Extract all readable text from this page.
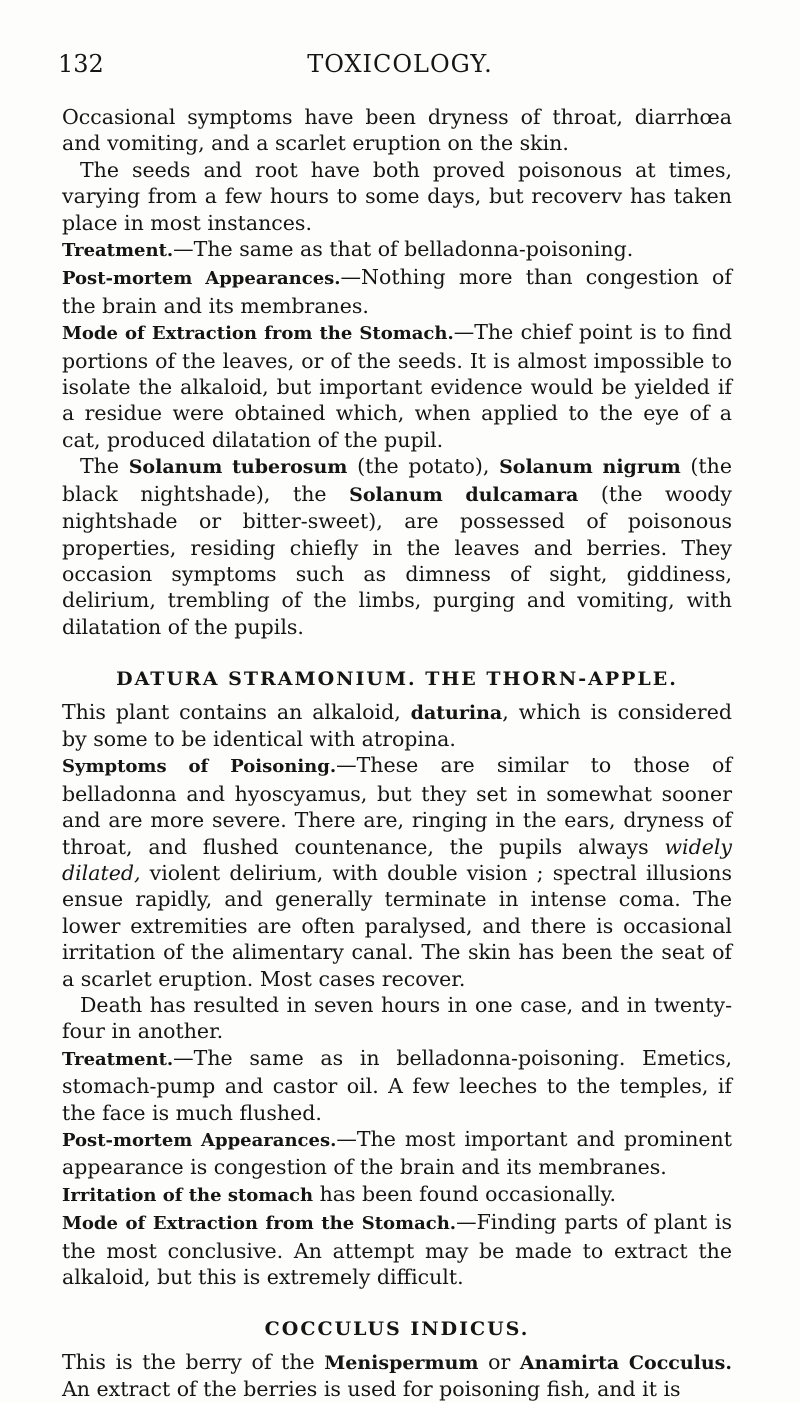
132	TOXICOLOGY.

Occasional symptoms have been dryness of throat, diarrhœa and vomiting, and a scarlet eruption on the skin.

The seeds and root have both proved poisonous at times, varying from a few hours to some days, but recoverv has taken place in most instances.

Treatment.—The same as that of belladonna-poisoning.

Post-mortem Appearances.—Nothing more than congestion of the brain and its membranes.

Mode of Extraction from the Stomach.—The chief point is to find portions of the leaves, or of the seeds. It is almost impossible to isolate the alkaloid, but important evidence would be yielded if a residue were obtained which, when applied to the eye of a cat, produced dilatation of the pupil.

The Solanum tuberosum (the potato), Solanum nigrum (the black nightshade), the Solanum dulcamara (the woody nightshade or bitter-sweet), are possessed of poisonous properties, residing chiefly in the leaves and berries. They occasion symptoms such as dimness of sight, giddiness, delirium, trembling of the limbs, purging and vomiting, with dilatation of the pupils.

DATURA STRAMONIUM. THE THORN-APPLE.

This plant contains an alkaloid, daturina, which is considered by some to be identical with atropina.

Symptoms of Poisoning.—These are similar to those of belladonna and hyoscyamus, but they set in somewhat sooner and are more severe. There are, ringing in the ears, dryness of throat, and flushed countenance, the pupils always widely dilated, violent delirium, with double vision ; spectral illusions ensue rapidly, and generally terminate in intense coma. The lower extremities are often paralysed, and there is occasional irritation of the alimentary canal. The skin has been the seat of a scarlet eruption. Most cases recover.

Death has resulted in seven hours in one case, and in twenty-four in another.

Treatment.—The same as in belladonna-poisoning. Emetics, stomach-pump and castor oil. A few leeches to the temples, if the face is much flushed.

Post-mortem Appearances.—The most important and prominent appearance is congestion of the brain and its membranes.

Irritation of the stomach has been found occasionally.

Mode of Extraction from the Stomach.—Finding parts of plant is the most conclusive. An attempt may be made to extract the alkaloid, but this is extremely difficult.

COCCULUS INDICUS.

This is the berry of the Menispermum or Anamirta Cocculus. An extract of the berries is used for poisoning fish, and it is
